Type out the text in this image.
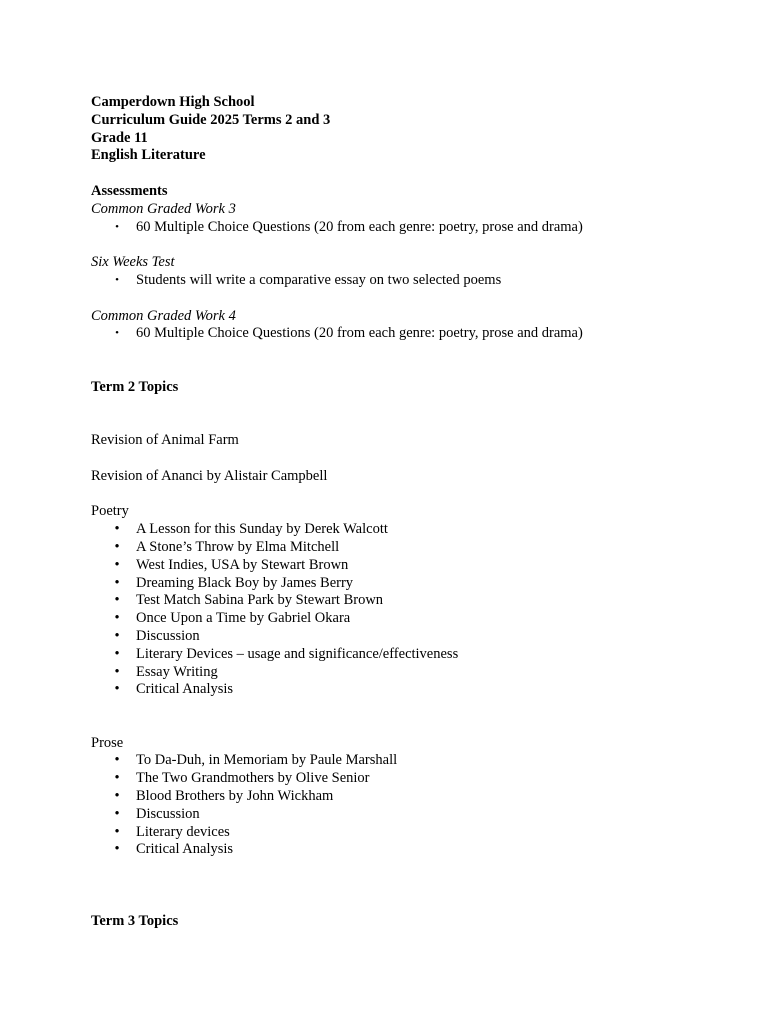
Camperdown High School
Curriculum Guide 2025 Terms 2 and 3
Grade 11
English Literature
Assessments
Common Graded Work 3
• 60 Multiple Choice Questions (20 from each genre: poetry, prose and drama)
Six Weeks Test
• Students will write a comparative essay on two selected poems
Common Graded Work 4
• 60 Multiple Choice Questions (20 from each genre: poetry, prose and drama)
Term 2 Topics
Revision of Animal Farm
Revision of Ananci by Alistair Campbell
Poetry
• A Lesson for this Sunday by Derek Walcott
• A Stone’s Throw by Elma Mitchell
• West Indies, USA by Stewart Brown
• Dreaming Black Boy by James Berry
• Test Match Sabina Park by Stewart Brown
• Once Upon a Time by Gabriel Okara
• Discussion
• Literary Devices – usage and significance/effectiveness
• Essay Writing
• Critical Analysis
Prose
• To Da-Duh, in Memoriam by Paule Marshall
• The Two Grandmothers by Olive Senior
• Blood Brothers by John Wickham
• Discussion
• Literary devices
• Critical Analysis
Term 3 Topics
